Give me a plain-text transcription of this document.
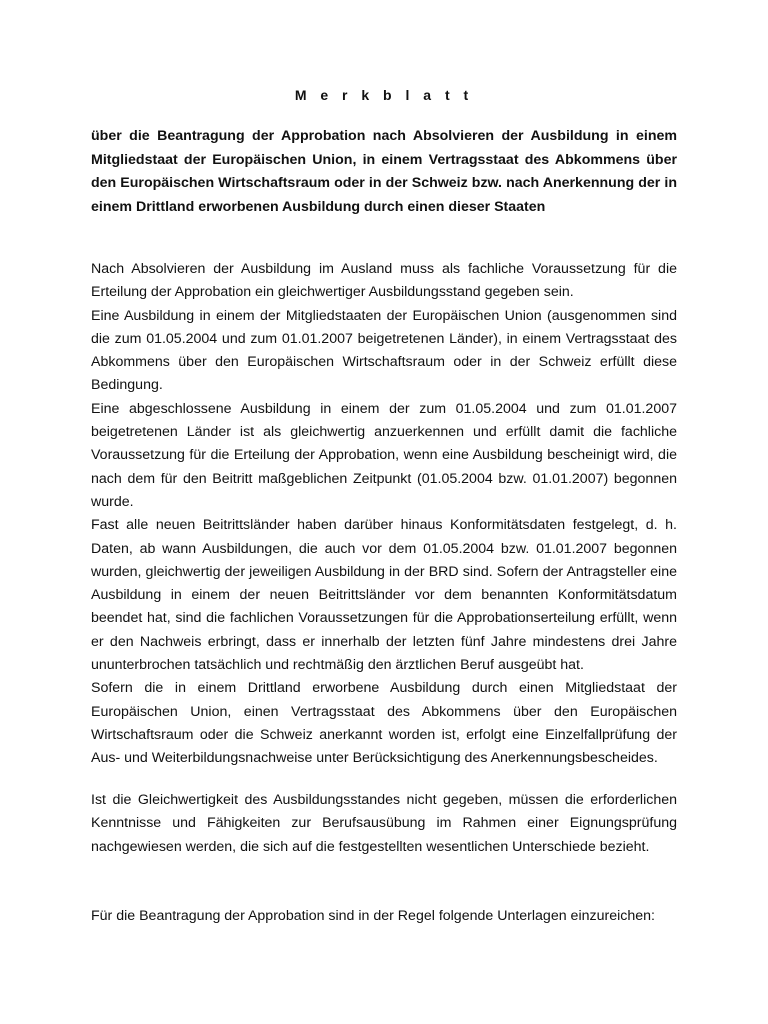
M e r k b l a t t
über die Beantragung der Approbation nach Absolvieren der Ausbildung in einem Mitgliedstaat der Europäischen Union, in einem Vertragsstaat des Abkommens über den Europäischen Wirtschaftsraum oder in der Schweiz bzw. nach Anerkennung der in einem Drittland erworbenen Ausbildung durch einen dieser Staaten

Nach Absolvieren der Ausbildung im Ausland muss als fachliche Voraussetzung für die Erteilung der Approbation ein gleichwertiger Ausbildungsstand gegeben sein.

Eine Ausbildung in einem der Mitgliedstaaten der Europäischen Union (ausgenommen sind die zum 01.05.2004 und zum 01.01.2007 beigetretenen Länder), in einem Vertragsstaat des Abkommens über den Europäischen Wirtschaftsraum oder in der Schweiz erfüllt diese Bedingung.

Eine abgeschlossene Ausbildung in einem der zum 01.05.2004 und zum 01.01.2007 beigetretenen Länder ist als gleichwertig anzuerkennen und erfüllt damit die fachliche Voraussetzung für die Erteilung der Approbation, wenn eine Ausbildung bescheinigt wird, die nach dem für den Beitritt maßgeblichen Zeitpunkt (01.05.2004 bzw. 01.01.2007) begonnen wurde.

Fast alle neuen Beitrittsländer haben darüber hinaus Konformitätsdaten festgelegt, d. h. Daten, ab wann Ausbildungen, die auch vor dem 01.05.2004 bzw. 01.01.2007 begonnen wurden, gleichwertig der jeweiligen Ausbildung in der BRD sind. Sofern der Antragsteller eine Ausbildung in einem der neuen Beitrittsländer vor dem benannten Konformitätsdatum beendet hat, sind die fachlichen Voraussetzungen für die Approbationserteilung erfüllt, wenn er den Nachweis erbringt, dass er innerhalb der letzten fünf Jahre mindestens drei Jahre ununterbrochen tatsächlich und rechtmäßig den ärztlichen Beruf ausgeübt hat.

Sofern die in einem Drittland erworbene Ausbildung durch einen Mitgliedstaat der Europäischen Union, einen Vertragsstaat des Abkommens über den Europäischen Wirtschaftsraum oder die Schweiz anerkannt worden ist, erfolgt eine Einzelfallprüfung der Aus- und Weiterbildungsnachweise unter Berücksichtigung des Anerkennungsbescheides.

Ist die Gleichwertigkeit des Ausbildungsstandes nicht gegeben, müssen die erforderlichen Kenntnisse und Fähigkeiten zur Berufsausübung im Rahmen einer Eignungsprüfung nachgewiesen werden, die sich auf die festgestellten wesentlichen Unterschiede bezieht.

Für die Beantragung der Approbation sind in der Regel folgende Unterlagen einzureichen:
